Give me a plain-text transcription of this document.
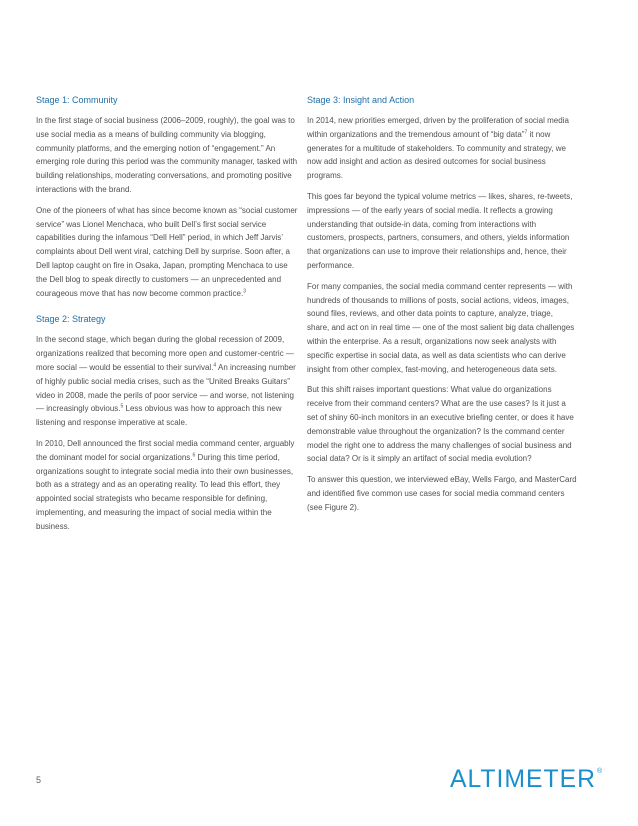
Stage 1: Community

In the first stage of social business (2006–2009, roughly), the goal was to use social media as a means of building community via blogging, community platforms, and the emerging notion of “engagement.” An emerging role during this period was the community manager, tasked with building relationships, moderating conversations, and promoting positive interactions with the brand.

One of the pioneers of what has since become known as “social customer service” was Lionel Menchaca, who built Dell’s first social service capabilities during the infamous “Dell Hell” period, in which Jeff Jarvis’ complaints about Dell went viral, catching Dell by surprise. Soon after, a Dell laptop caught on fire in Osaka, Japan, prompting Menchaca to use the Dell blog to speak directly to customers — an unprecedented and courageous move that has now become common practice.$^3$

Stage 2: Strategy

In the second stage, which began during the global recession of 2009, organizations realized that becoming more open and customer-centric — more social — would be essential to their survival.$^4$ An increasing number of highly public social media crises, such as the “United Breaks Guitars” video in 2008, made the perils of poor service — and worse, not listening — increasingly obvious.$^5$ Less obvious was how to approach this new listening and response imperative at scale.

In 2010, Dell announced the first social media command center, arguably the dominant model for social organizations.$^6$ During this time period, organizations sought to integrate social media into their own businesses, both as a strategy and as an operating reality. To lead this effort, they appointed social strategists who became responsible for defining, implementing, and measuring the impact of social media within the business.

Stage 3: Insight and Action

In 2014, new priorities emerged, driven by the proliferation of social media within organizations and the tremendous amount of “big data”$^7$ it now generates for a multitude of stakeholders. To community and strategy, we now add insight and action as desired outcomes for social business programs.

This goes far beyond the typical volume metrics — likes, shares, re-tweets, impressions — of the early years of social media. It reflects a growing understanding that outside-in data, coming from interactions with customers, prospects, partners, consumers, and others, yields information that organizations can use to improve their relationships and, hence, their performance.

For many companies, the social media command center represents — with hundreds of thousands to millions of posts, social actions, videos, images, sound files, reviews, and other data points to capture, analyze, triage, share, and act on in real time — one of the most salient big data challenges within the enterprise. As a result, organizations now seek analysts with specific expertise in social data, as well as data scientists who can derive insight from other complex, fast-moving, and heterogeneous data sets.

But this shift raises important questions: What value do organizations receive from their command centers? What are the use cases? Is it just a set of shiny 60-inch monitors in an executive briefing center, or does it have demonstrable value throughout the organization? Is the command center model the right one to address the many challenges of social business and social data? Or is it simply an artifact of social media evolution?

To answer this question, we interviewed eBay, Wells Fargo, and MasterCard and identified five common use cases for social media command centers (see Figure 2).

5	ALTIMETER ®
